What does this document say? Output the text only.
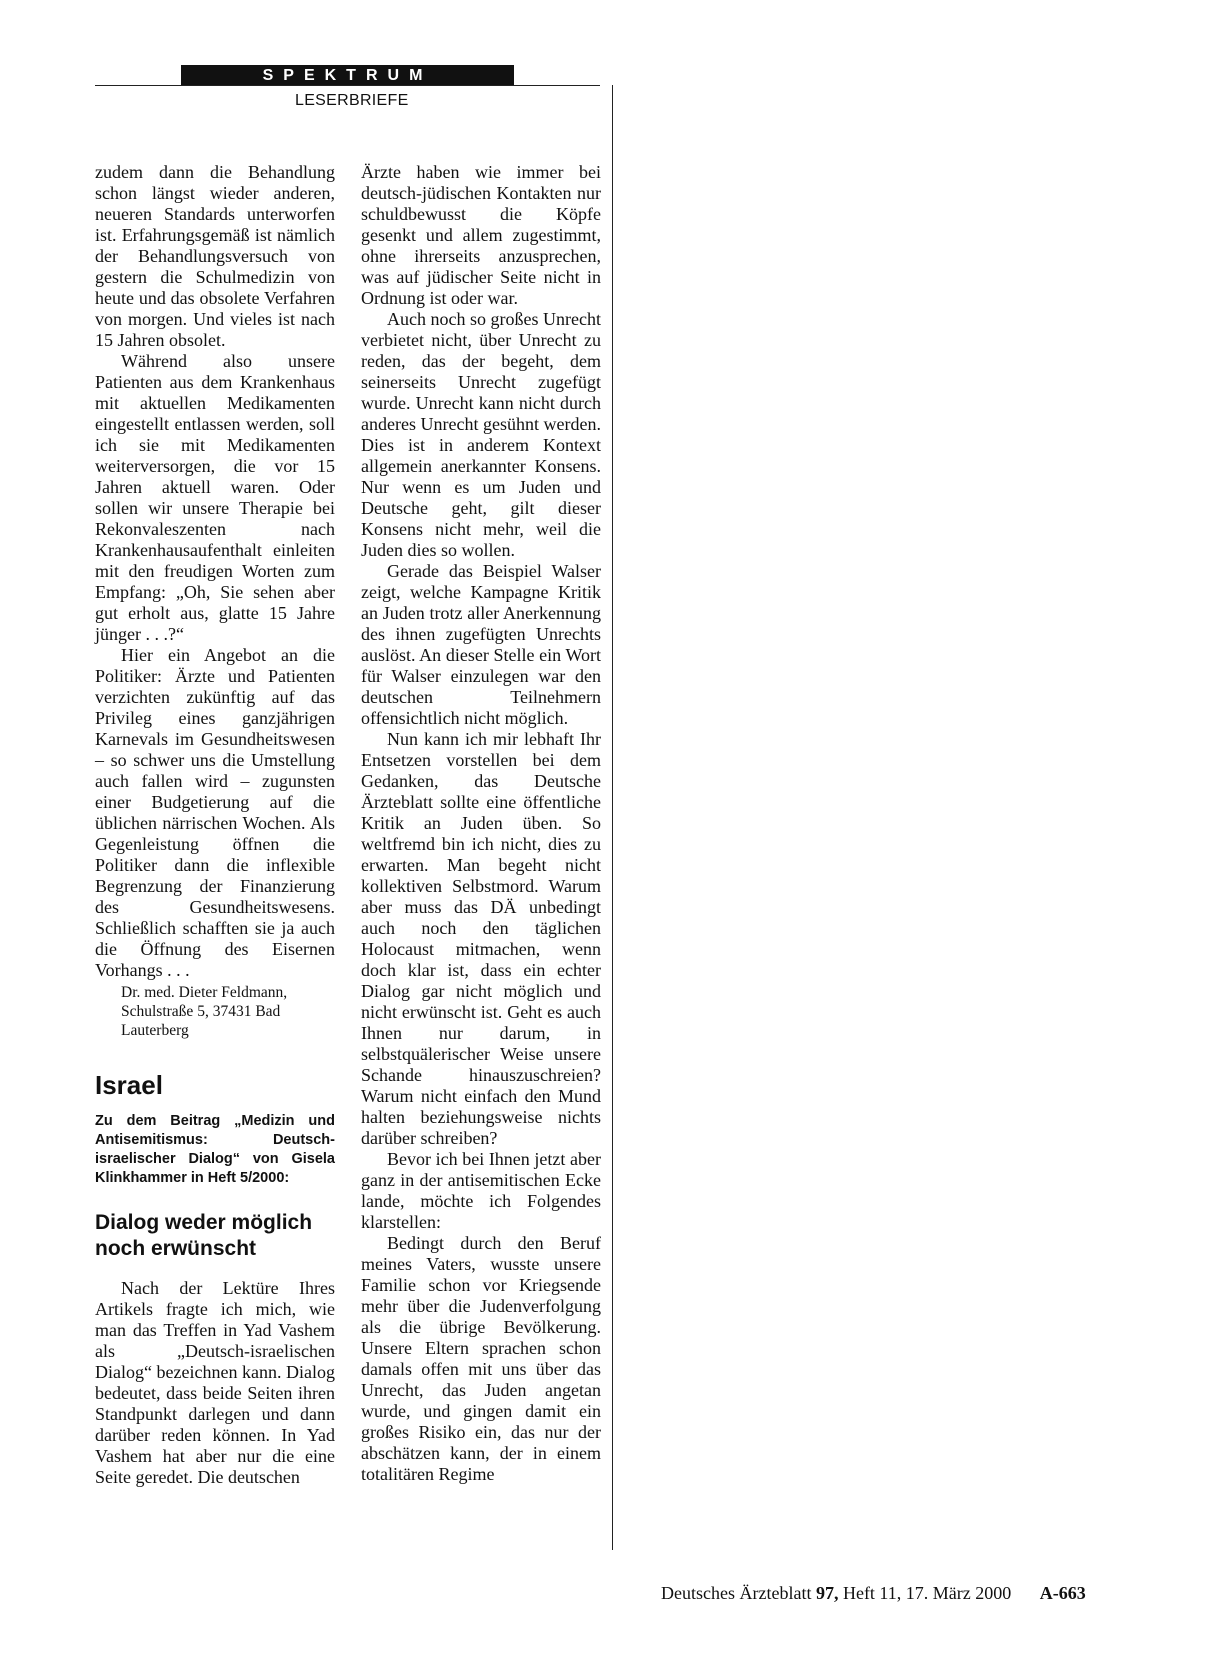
SPEKTRUM
LESERBRIEFE

zudem dann die Behandlung schon längst wieder anderen, neueren Standards unterworfen ist. Erfahrungsgemäß ist nämlich der Behandlungsversuch von gestern die Schulmedizin von heute und das obsolete Verfahren von morgen. Und vieles ist nach 15 Jahren obsolet.

Während also unsere Patienten aus dem Krankenhaus mit aktuellen Medikamenten eingestellt entlassen werden, soll ich sie mit Medikamenten weiterversorgen, die vor 15 Jahren aktuell waren. Oder sollen wir unsere Therapie bei Rekonvaleszenten nach Krankenhausaufenthalt einleiten mit den freudigen Worten zum Empfang: „Oh, Sie sehen aber gut erholt aus, glatte 15 Jahre jünger . . .?“

Hier ein Angebot an die Politiker: Ärzte und Patienten verzichten zukünftig auf das Privileg eines ganzjährigen Karnevals im Gesundheitswesen – so schwer uns die Umstellung auch fallen wird – zugunsten einer Budgetierung auf die üblichen närrischen Wochen. Als Gegenleistung öffnen die Politiker dann die inflexible Begrenzung der Finanzierung des Gesundheitswesens. Schließlich schafften sie ja auch die Öffnung des Eisernen Vorhangs . . .

Dr. med. Dieter Feldmann, Schulstraße 5, 37431 Bad Lauterberg

Israel
Zu dem Beitrag „Medizin und Antisemitismus: Deutsch-israelischer Dialog“ von Gisela Klinkhammer in Heft 5/2000:
Dialog weder möglich noch erwünscht

Nach der Lektüre Ihres Artikels fragte ich mich, wie man das Treffen in Yad Vashem als „Deutsch-israelischen Dialog“ bezeichnen kann. Dialog bedeutet, dass beide Seiten ihren Standpunkt darlegen und dann darüber reden können. In Yad Vashem hat aber nur die eine Seite geredet. Die deutschen

Ärzte haben wie immer bei deutsch-jüdischen Kontakten nur schuldbewusst die Köpfe gesenkt und allem zugestimmt, ohne ihrerseits anzusprechen, was auf jüdischer Seite nicht in Ordnung ist oder war.

Auch noch so großes Unrecht verbietet nicht, über Unrecht zu reden, das der begeht, dem seinerseits Unrecht zugefügt wurde. Unrecht kann nicht durch anderes Unrecht gesühnt werden. Dies ist in anderem Kontext allgemein anerkannter Konsens. Nur wenn es um Juden und Deutsche geht, gilt dieser Konsens nicht mehr, weil die Juden dies so wollen.

Gerade das Beispiel Walser zeigt, welche Kampagne Kritik an Juden trotz aller Anerkennung des ihnen zugefügten Unrechts auslöst. An dieser Stelle ein Wort für Walser einzulegen war den deutschen Teilnehmern offensichtlich nicht möglich.

Nun kann ich mir lebhaft Ihr Entsetzen vorstellen bei dem Gedanken, das Deutsche Ärzteblatt sollte eine öffentliche Kritik an Juden üben. So weltfremd bin ich nicht, dies zu erwarten. Man begeht nicht kollektiven Selbstmord. Warum aber muss das DÄ unbedingt auch noch den täglichen Holocaust mitmachen, wenn doch klar ist, dass ein echter Dialog gar nicht möglich und nicht erwünscht ist. Geht es auch Ihnen nur darum, in selbstquälerischer Weise unsere Schande hinauszuschreien? Warum nicht einfach den Mund halten beziehungsweise nichts darüber schreiben?

Bevor ich bei Ihnen jetzt aber ganz in der antisemitischen Ecke lande, möchte ich Folgendes klarstellen:

Bedingt durch den Beruf meines Vaters, wusste unsere Familie schon vor Kriegsende mehr über die Judenverfolgung als die übrige Bevölkerung. Unsere Eltern sprachen schon damals offen mit uns über das Unrecht, das Juden angetan wurde, und gingen damit ein großes Risiko ein, das nur der abschätzen kann, der in einem totalitären Regime

Deutsches Ärzteblatt 97, Heft 11, 17. März 2000 A-663
